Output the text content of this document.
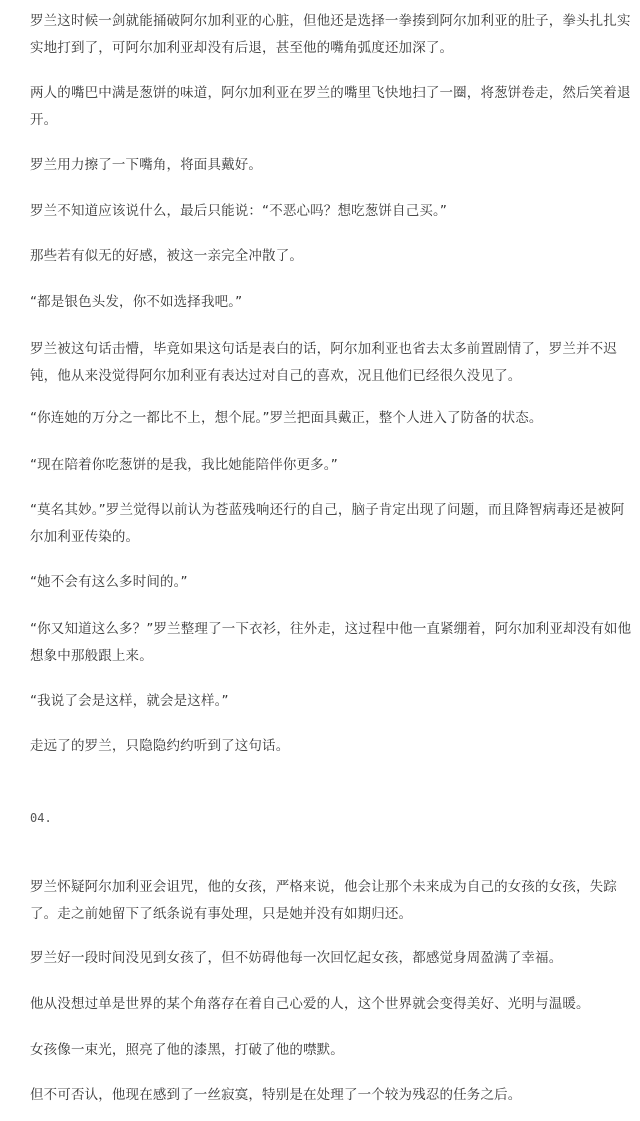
罗兰这时候一剑就能捅破阿尔加利亚的心脏，但他还是选择一拳揍到阿尔加利亚的肚子，拳头扎扎实实地打到了，可阿尔加利亚却没有后退，甚至他的嘴角弧度还加深了。

两人的嘴巴中满是葱饼的味道，阿尔加利亚在罗兰的嘴里飞快地扫了一圈，将葱饼卷走，然后笑着退开。

罗兰用力擦了一下嘴角，将面具戴好。

罗兰不知道应该说什么，最后只能说：“不恶心吗？想吃葱饼自己买。”

那些若有似无的好感，被这一亲完全冲散了。

“都是银色头发，你不如选择我吧。”

罗兰被这句话击懵，毕竟如果这句话是表白的话，阿尔加利亚也省去太多前置剧情了，罗兰并不迟钝，他从来没觉得阿尔加利亚有表达过对自己的喜欢，况且他们已经很久没见了。

“你连她的万分之一都比不上，想个屁。”罗兰把面具戴正，整个人进入了防备的状态。

“现在陪着你吃葱饼的是我，我比她能陪伴你更多。”

“莫名其妙。”罗兰觉得以前认为苍蓝残响还行的自己，脑子肯定出现了问题，而且降智病毒还是被阿尔加利亚传染的。

“她不会有这么多时间的。”

“你又知道这么多？”罗兰整理了一下衣衫，往外走，这过程中他一直紧绷着，阿尔加利亚却没有如他想象中那般跟上来。

“我说了会是这样，就会是这样。”

走远了的罗兰，只隐隐约约听到了这句话。

04.

罗兰怀疑阿尔加利亚会诅咒，他的女孩，严格来说，他会让那个未来成为自己的女孩的女孩，失踪了。走之前她留下了纸条说有事处理，只是她并没有如期归还。

罗兰好一段时间没见到女孩了，但不妨碍他每一次回忆起女孩，都感觉身周盈满了幸福。

他从没想过单是世界的某个角落存在着自己心爱的人，这个世界就会变得美好、光明与温暖。

女孩像一束光，照亮了他的漆黑，打破了他的噤默。

但不可否认，他现在感到了一丝寂寞，特别是在处理了一个较为残忍的任务之后。
